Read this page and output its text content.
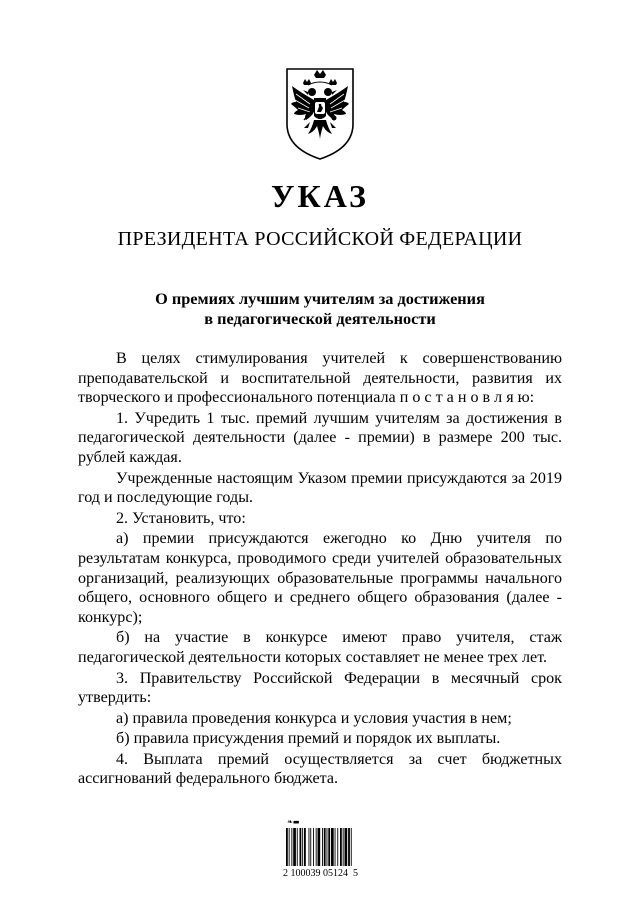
УКАЗ
ПРЕЗИДЕНТА РОССИЙСКОЙ ФЕДЕРАЦИИ
О премиях лучшим учителям за достижения
в педагогической деятельности

В целях стимулирования учителей к совершенствованию преподавательской и воспитательной деятельности, развития их творческого и профессионального потенциала п о с т а н о в л я ю:

1. Учредить 1 тыс. премий лучшим учителям за достижения в педагогической деятельности (далее - премии) в размере 200 тыс. рублей каждая.

Учрежденные настоящим Указом премии присуждаются за 2019 год и последующие годы.

2. Установить, что:

а) премии присуждаются ежегодно ко Дню учителя по результатам конкурса, проводимого среди учителей образовательных организаций, реализующих образовательные программы начального общего, основного общего и среднего общего образования (далее - конкурс);

б) на участие в конкурсе имеют право учителя, стаж педагогической деятельности которых составляет не менее трех лет.

3. Правительству Российской Федерации в месячный срок утвердить:

а) правила проведения конкурса и условия участия в нем;

б) правила присуждения премий и порядок их выплаты.

4. Выплата премий осуществляется за счет бюджетных ассигнований федерального бюджета.

❧▬
2 100039 05124  5
